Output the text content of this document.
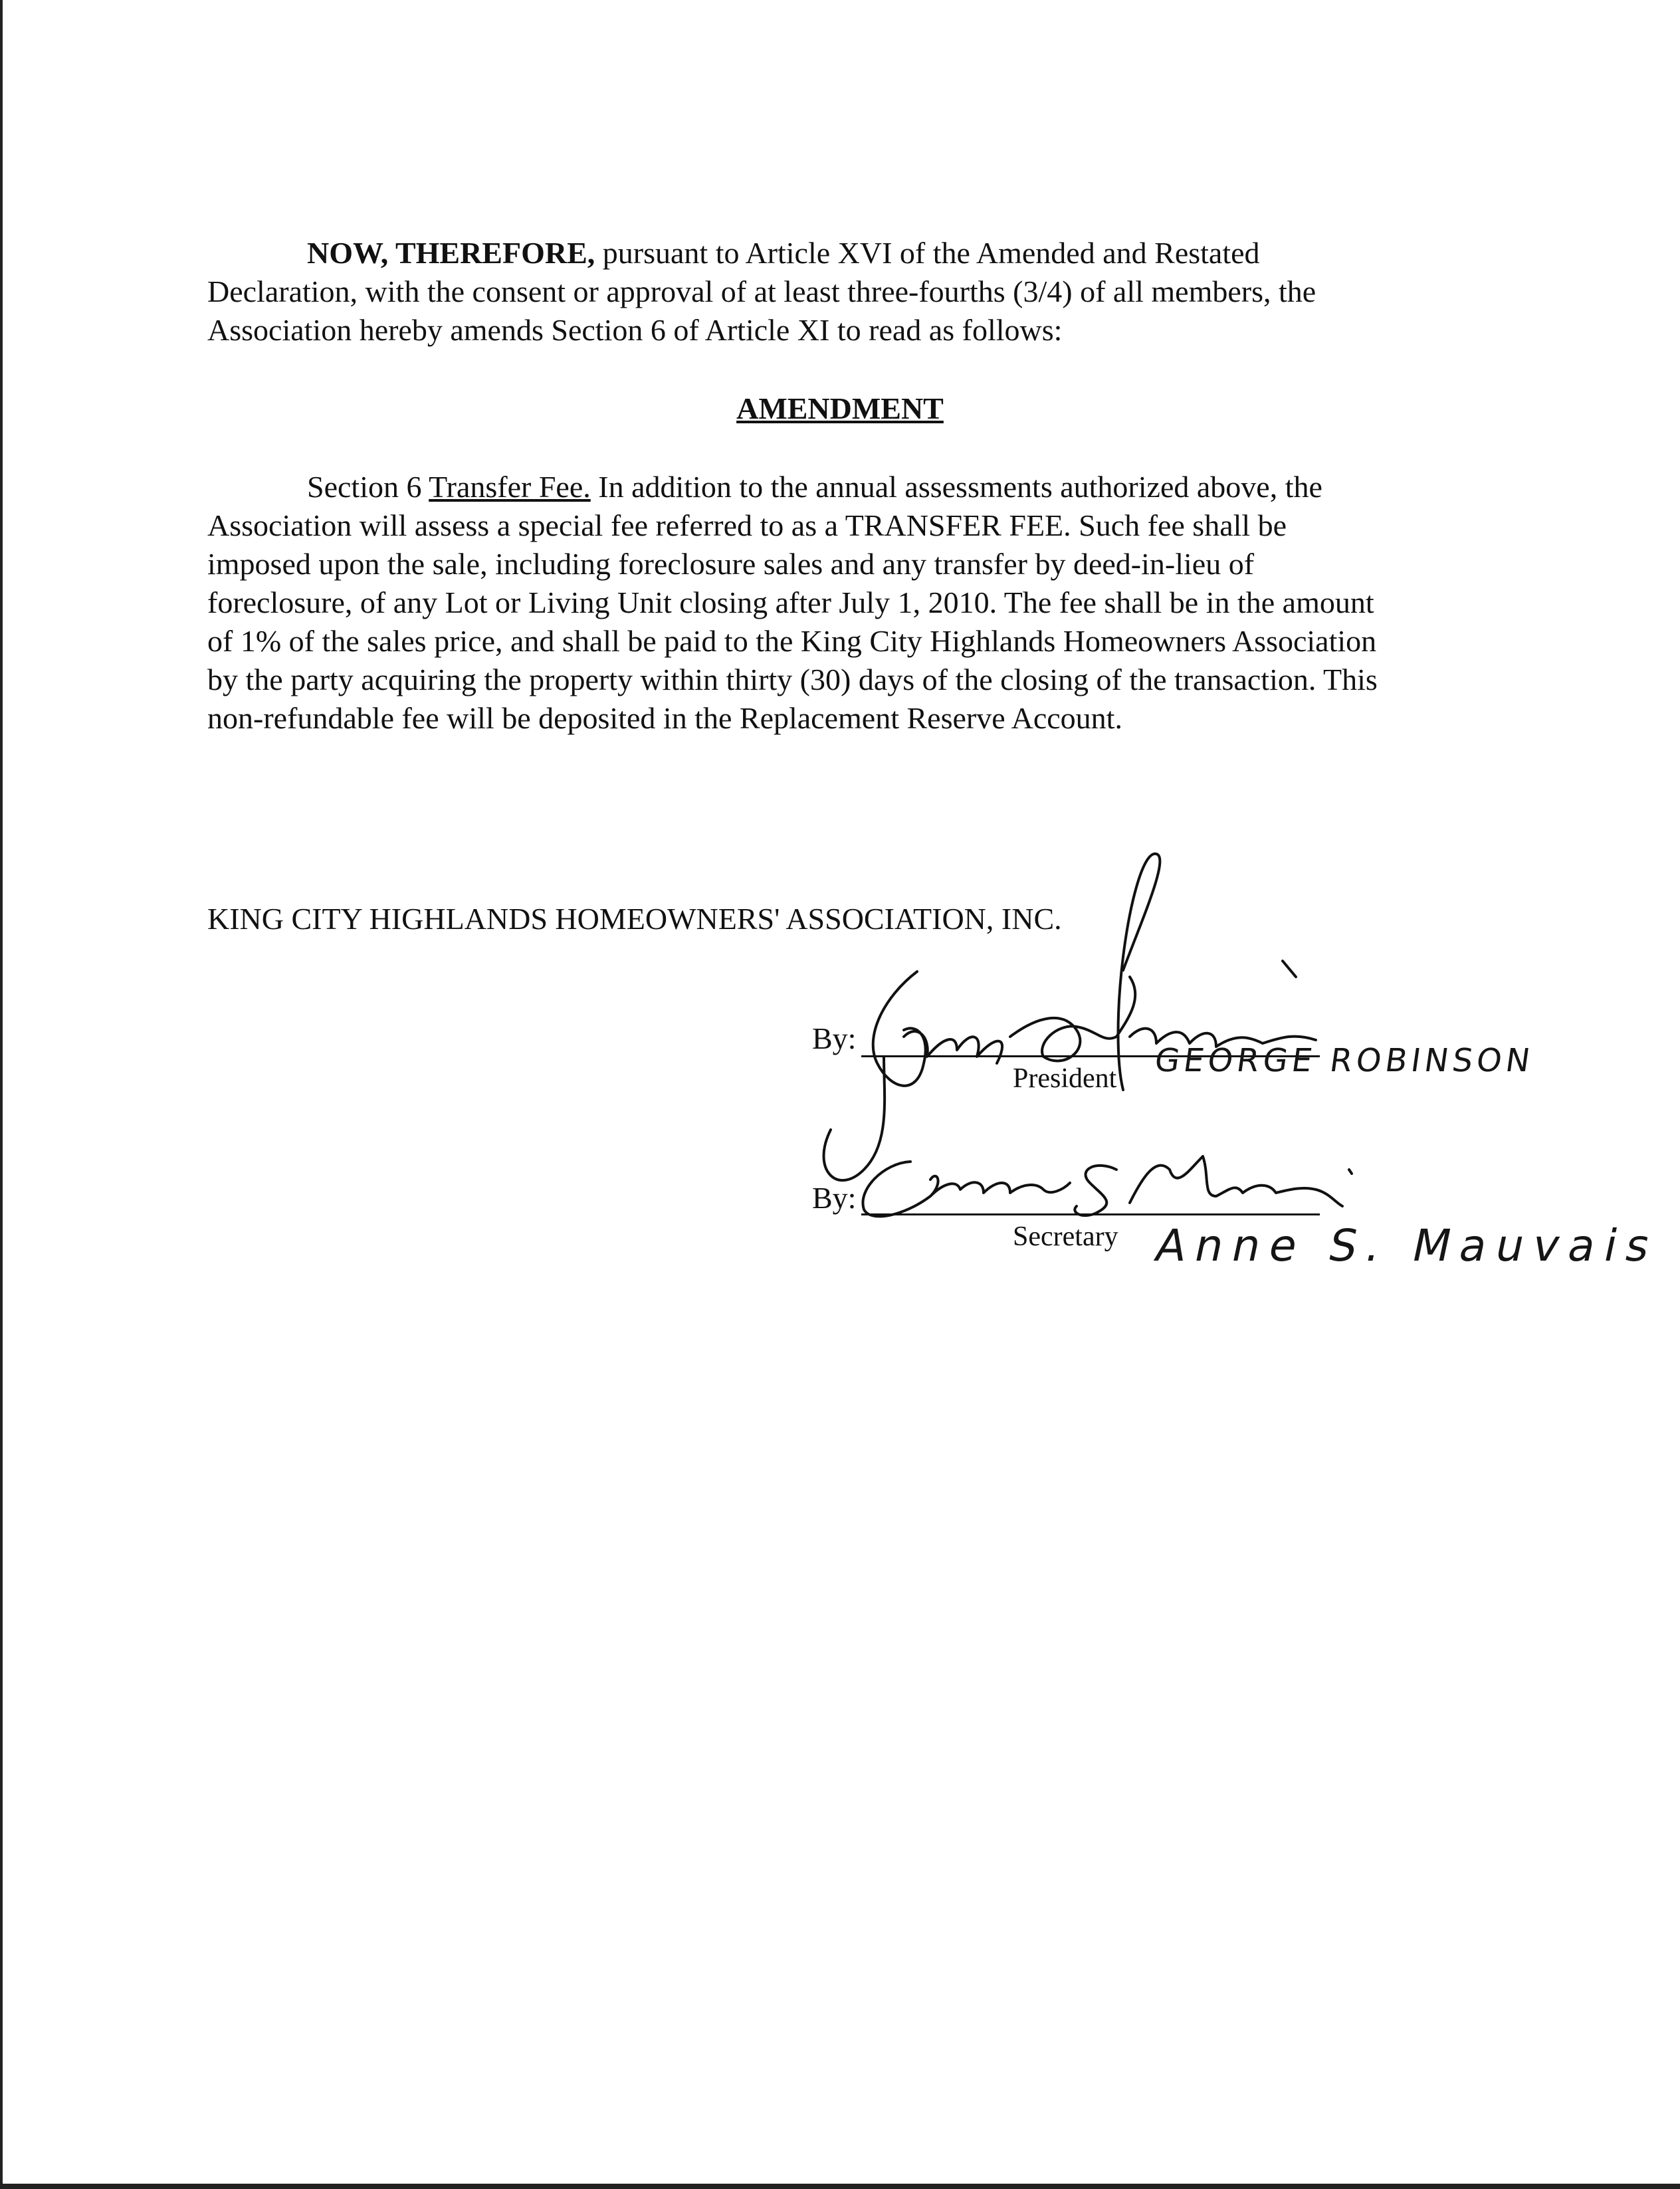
NOW, THEREFORE, pursuant to Article XVI of the Amended and Restated

Declaration, with the consent or approval of at least three-fourths (3/4) of all members, the

Association hereby amends Section 6 of Article XI to read as follows:

AMENDMENT

Section 6 Transfer Fee. In addition to the annual assessments authorized above, the

Association will assess a special fee referred to as a TRANSFER FEE. Such fee shall be

imposed upon the sale, including foreclosure sales and any transfer by deed-in-lieu of

foreclosure, of any Lot or Living Unit closing after July 1, 2010. The fee shall be in the amount

of 1% of the sales price, and shall be paid to the King City Highlands Homeowners Association

by the party acquiring the property within thirty (30) days of the closing of the transaction. This

non-refundable fee will be deposited in the Replacement Reserve Account.

KING CITY HIGHLANDS HOMEOWNERS' ASSOCIATION, INC.
By:
President GEORGE ROBINSON
By:
Secretary Anne S. Mauvais
